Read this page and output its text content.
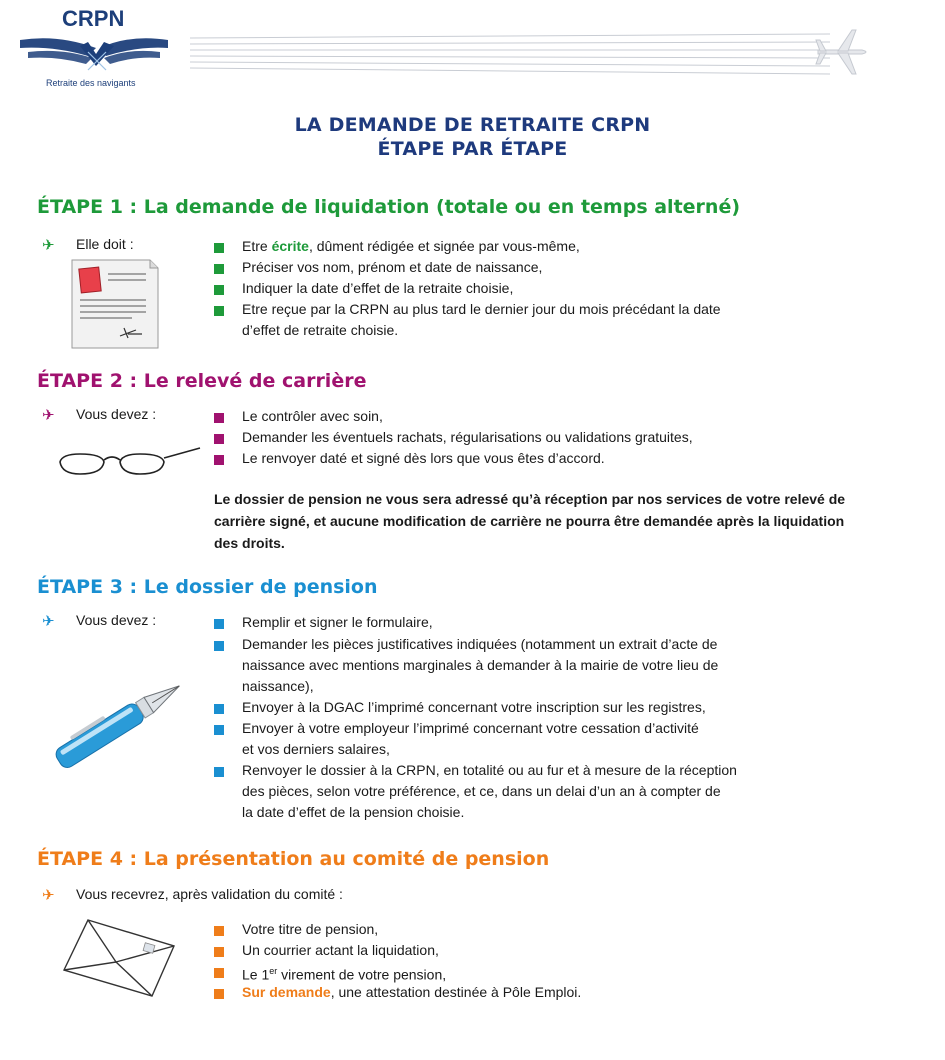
CRPN
Retraite des navigants
LA DEMANDE DE RETRAITE CRPN
ÉTAPE PAR ÉTAPE
ÉTAPE 1 : La demande de liquidation (totale ou en temps alterné)
✈ Elle doit :	Etre écrite, dûment rédigée et signée par vous-même,
Préciser vos nom, prénom et date de naissance,
Indiquer la date d’effet de la retraite choisie,
Etre reçue par la CRPN au plus tard le dernier jour du mois précédant la date
d’effet de retraite choisie.
ÉTAPE 2 : Le relevé de carrière
✈ Vous devez :	Le contrôler avec soin,
Demander les éventuels rachats, régularisations ou validations gratuites,
Le renvoyer daté et signé dès lors que vous êtes d’accord.
Le dossier de pension ne vous sera adressé qu’à réception par nos services de votre relevé de carrière signé, et aucune modification de carrière ne pourra être demandée après la liquidation des droits.
ÉTAPE 3 : Le dossier de pension
✈ Vous devez :	Remplir et signer le formulaire,
Demander les pièces justificatives indiquées (notamment un extrait d’acte de
naissance avec mentions marginales à demander à la mairie de votre lieu de
naissance),
Envoyer à la DGAC l’imprimé concernant votre inscription sur les registres,
Envoyer à votre employeur l’imprimé concernant votre cessation d’activité
et vos derniers salaires,
Renvoyer le dossier à la CRPN, en totalité ou au fur et à mesure de la réception
des pièces, selon votre préférence, et ce, dans un delai d’un an à compter de
la date d’effet de la pension choisie.
ÉTAPE 4 : La présentation au comité de pension
✈ Vous recevrez, après validation du comité :
Votre titre de pension,
Un courrier actant la liquidation,
Le 1er virement de votre pension,
Sur demande, une attestation destinée à Pôle Emploi.
